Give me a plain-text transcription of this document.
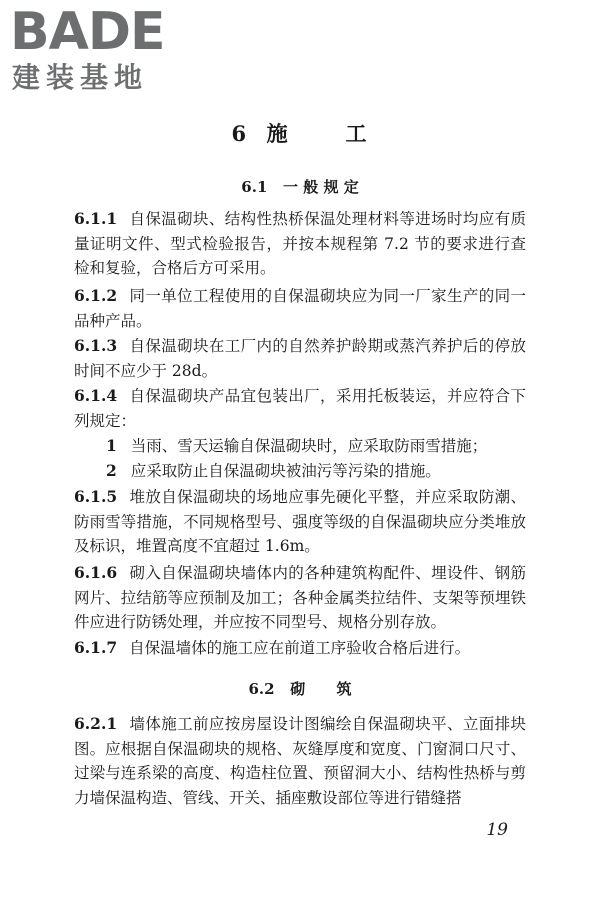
BADE
建装基地
6  施      工
6.1   一 般 规 定
6.1.1 自保温砌块、结构性热桥保温处理材料等进场时均应有质量证明文件、型式检验报告，并按本规程第 7.2 节的要求进行查检和复验，合格后方可采用。
6.1.2 同一单位工程使用的自保温砌块应为同一厂家生产的同一品种产品。
6.1.3 自保温砌块在工厂内的自然养护龄期或蒸汽养护后的停放时间不应少于 28d。
6.1.4 自保温砌块产品宜包装出厂，采用托板装运，并应符合下列规定：
1 当雨、雪天运输自保温砌块时，应采取防雨雪措施；
2 应采取防止自保温砌块被油污等污染的措施。
6.1.5 堆放自保温砌块的场地应事先硬化平整，并应采取防潮、防雨雪等措施，不同规格型号、强度等级的自保温砌块应分类堆放及标识，堆置高度不宜超过 1.6m。
6.1.6 砌入自保温砌块墙体内的各种建筑构配件、埋设件、钢筋网片、拉结筋等应预制及加工；各种金属类拉结件、支架等预埋铁件应进行防锈处理，并应按不同型号、规格分别存放。
6.1.7 自保温墙体的施工应在前道工序验收合格后进行。
6.2   砌      筑
6.2.1 墙体施工前应按房屋设计图编绘自保温砌块平、立面排块图。应根据自保温砌块的规格、灰缝厚度和宽度、门窗洞口尺寸、过梁与连系梁的高度、构造柱位置、预留洞大小、结构性热桥与剪力墙保温构造、管线、开关、插座敷设部位等进行错缝搭
19
